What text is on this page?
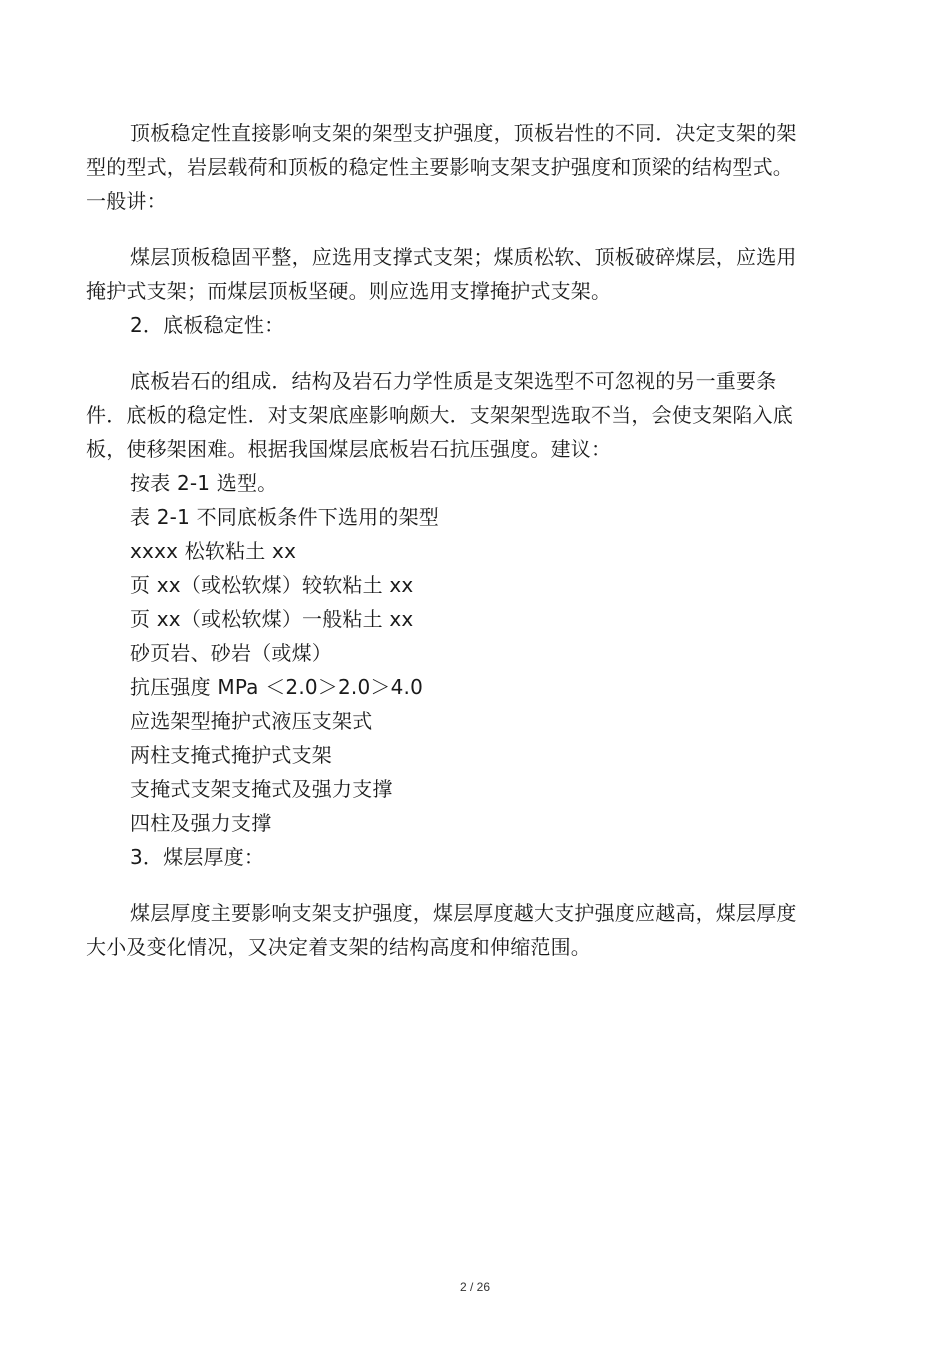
顶板稳定性直接影响支架的架型支护强度，顶板岩性的不同．决定支架的架型的型式，岩层载荷和顶板的稳定性主要影响支架支护强度和顶梁的结构型式。一般讲：

煤层顶板稳固平整，应选用支撑式支架；煤质松软、顶板破碎煤层，应选用掩护式支架；而煤层顶板坚硬。则应选用支撑掩护式支架。

2．底板稳定性：

底板岩石的组成．结构及岩石力学性质是支架选型不可忽视的另一重要条件．底板的稳定性．对支架底座影响颇大．支架架型选取不当，会使支架陷入底板，使移架困难。根据我国煤层底板岩石抗压强度。建议：

按表 2-1 选型。

表 2-1 不同底板条件下选用的架型

xxxx 松软粘土 xx

页 xx（或松软煤）较软粘土 xx

页 xx（或松软煤）一般粘土 xx

砂页岩、砂岩（或煤）

抗压强度 MPa ＜2.0＞2.0＞4.0

应选架型掩护式液压支架式

两柱支掩式掩护式支架

支掩式支架支掩式及强力支撑

四柱及强力支撑

3．煤层厚度：

煤层厚度主要影响支架支护强度，煤层厚度越大支护强度应越高，煤层厚度大小及变化情况，又决定着支架的结构高度和伸缩范围。

2 / 26
